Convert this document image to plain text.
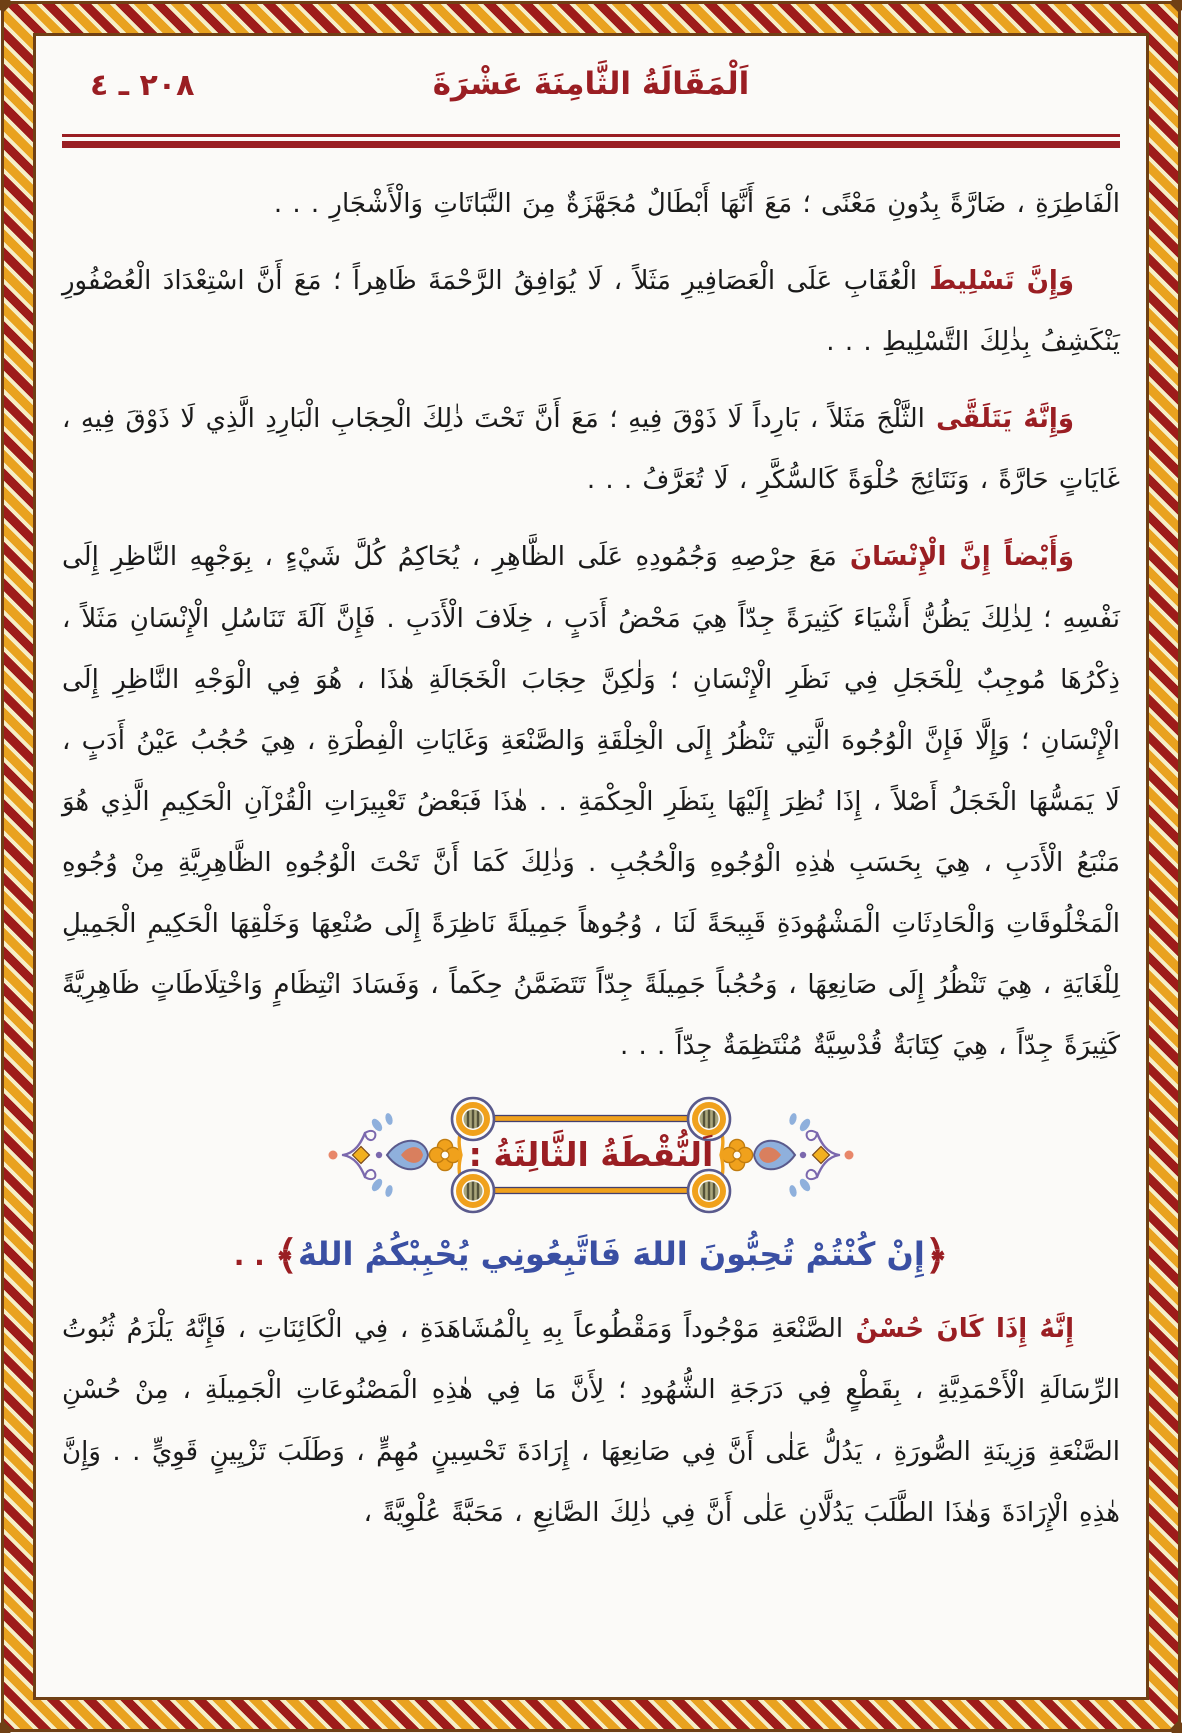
٢٠٨ ـ ٤	اَلْمَقَالَةُ الثَّامِنَةَ عَشْرَةَ
الْفَاطِرَةِ ، ضَارَّةً بِدُونِ مَعْنًى ؛ مَعَ أَنَّهَا أَبْطَالٌ مُجَهَّزَةٌ مِنَ النَّبَاتَاتِ وَالْأَشْجَارِ . . .
وَإِنَّ تَسْلِيطَ الْعُقَابِ عَلَى الْعَصَافِيرِ مَثَلاً ، لَا يُوَافِقُ الرَّحْمَةَ ظَاهِراً ؛ مَعَ أَنَّ اسْتِعْدَادَ الْعُصْفُورِ يَنْكَشِفُ بِذٰلِكَ التَّسْلِيطِ . . .
وَإِنَّهُ يَتَلَقَّى الثَّلْجَ مَثَلاً ، بَارِداً لَا ذَوْقَ فِيهِ ؛ مَعَ أَنَّ تَحْتَ ذٰلِكَ الْحِجَابِ الْبَارِدِ الَّذِي لَا ذَوْقَ فِيهِ ، غَايَاتٍ حَارَّةً ، وَنَتَائِجَ حُلْوَةً كَالسُّكَّرِ ، لَا تُعَرَّفُ . . .
وَأَيْضاً إِنَّ الْإِنْسَانَ مَعَ حِرْصِهِ وَجُمُودِهِ عَلَى الظَّاهِرِ ، يُحَاكِمُ كُلَّ شَيْءٍ ، بِوَجْهِهِ النَّاظِرِ إِلَى نَفْسِهِ ؛ لِذٰلِكَ يَظُنُّ أَشْيَاءَ كَثِيرَةً جِدّاً هِيَ مَحْضُ أَدَبٍ ، خِلَافَ الْأَدَبِ . فَإِنَّ آلَةَ تَنَاسُلِ الْإِنْسَانِ مَثَلاً ، ذِكْرُهَا مُوجِبٌ لِلْخَجَلِ فِي نَظَرِ الْإِنْسَانِ ؛ وَلٰكِنَّ حِجَابَ الْخَجَالَةِ هٰذَا ، هُوَ فِي الْوَجْهِ النَّاظِرِ إِلَى الْإِنْسَانِ ؛ وَإِلَّا فَإِنَّ الْوُجُوهَ الَّتِي تَنْظُرُ إِلَى الْخِلْقَةِ وَالصَّنْعَةِ وَغَايَاتِ الْفِطْرَةِ ، هِيَ حُجُبُ عَيْنُ أَدَبٍ ، لَا يَمَسُّهَا الْخَجَلُ أَصْلاً ، إِذَا نُظِرَ إِلَيْهَا بِنَظَرِ الْحِكْمَةِ . . هٰذَا فَبَعْضُ تَعْبِيرَاتِ الْقُرْآنِ الْحَكِيمِ الَّذِي هُوَ مَنْبَعُ الْأَدَبِ ، هِيَ بِحَسَبِ هٰذِهِ الْوُجُوهِ وَالْحُجُبِ . وَذٰلِكَ كَمَا أَنَّ تَحْتَ الْوُجُوهِ الظَّاهِرِيَّةِ مِنْ وُجُوهِ الْمَخْلُوقَاتِ وَالْحَادِثَاتِ الْمَشْهُودَةِ قَبِيحَةً لَنَا ، وُجُوهاً جَمِيلَةً نَاظِرَةً إِلَى صُنْعِهَا وَخَلْقِهَا الْحَكِيمِ الْجَمِيلِ لِلْغَايَةِ ، هِيَ تَنْظُرُ إِلَى صَانِعِهَا ، وَحُجُباً جَمِيلَةً جِدّاً تَتَضَمَّنُ حِكَماً ، وَفَسَادَ انْتِظَامٍ وَاخْتِلَاطَاتٍ ظَاهِرِيَّةً كَثِيرَةً جِدّاً ، هِيَ كِتَابَةٌ قُدْسِيَّةٌ مُنْتَظِمَةٌ جِدّاً . . .
اَلنُّقْطَةُ الثَّالِثَةُ :
﴿إِنْ كُنْتُمْ تُحِبُّونَ اللهَ فَاتَّبِعُونِي يُحْبِبْكُمُ اللهُ﴾ . .
إِنَّهُ إِذَا كَانَ حُسْنُ الصَّنْعَةِ مَوْجُوداً وَمَقْطُوعاً بِهِ بِالْمُشَاهَدَةِ ، فِي الْكَائِنَاتِ ، فَإِنَّهُ يَلْزَمُ ثُبُوتُ الرِّسَالَةِ الْأَحْمَدِيَّةِ ، بِقَطْعٍ فِي دَرَجَةِ الشُّهُودِ ؛ لِأَنَّ مَا فِي هٰذِهِ الْمَصْنُوعَاتِ الْجَمِيلَةِ ، مِنْ حُسْنِ الصَّنْعَةِ وَزِينَةِ الصُّورَةِ ، يَدُلُّ عَلٰى أَنَّ فِي صَانِعِهَا ، إِرَادَةَ تَحْسِينٍ مُهِمٍّ ، وَطَلَبَ تَزْيِينٍ قَوِيٍّ . . وَإِنَّ هٰذِهِ الْإِرَادَةَ وَهٰذَا الطَّلَبَ يَدُلَّانِ عَلٰى أَنَّ فِي ذٰلِكَ الصَّانِعِ ، مَحَبَّةً عُلْوِيَّةً ،
